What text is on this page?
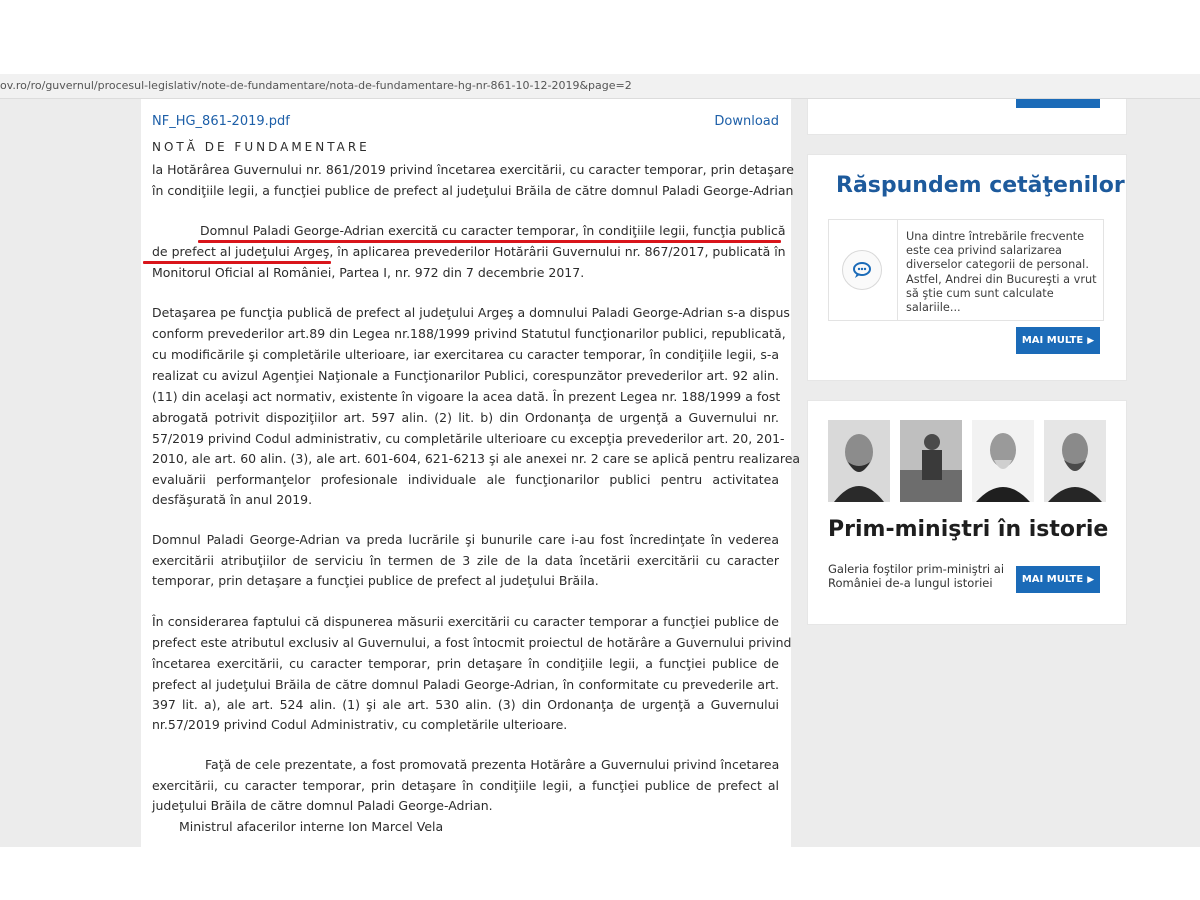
ov.ro/ro/guvernul/procesul-legislativ/note-de-fundamentare/nota-de-fundamentare-hg-nr-861-10-12-2019&page=2
NF_HG_861-2019.pdf	Download
NOTĂ DE FUNDAMENTARE
la Hotărârea Guvernului nr. 861/2019 privind încetarea exercitării, cu caracter temporar, prin detaşare
în condiţiile legii, a funcţiei publice de prefect al judeţului Brăila de către domnul Paladi George-Adrian
Domnul Paladi George-Adrian exercită cu caracter temporar, în condiţiile legii, funcţia publică
de prefect al judeţului Argeş, în aplicarea prevederilor Hotărârii Guvernului nr. 867/2017, publicată în
Monitorul Oficial al României, Partea I, nr. 972 din 7 decembrie 2017.
Detaşarea pe funcţia publică de prefect al judeţului Argeş a domnului Paladi George-Adrian s-a dispus
conform prevederilor art.89 din Legea nr.188/1999 privind Statutul funcţionarilor publici, republicată,
cu modificările şi completările ulterioare, iar exercitarea cu caracter temporar, în condiţiile legii, s-a
realizat cu avizul Agenţiei Naţionale a Funcţionarilor Publici, corespunzător prevederilor art. 92 alin.
(11) din acelaşi act normativ, existente în vigoare la acea dată. În prezent Legea nr. 188/1999 a fost
abrogată potrivit dispoziţiilor art. 597 alin. (2) lit. b) din Ordonanţa de urgenţă a Guvernului nr.
57/2019 privind Codul administrativ, cu completările ulterioare cu excepţia prevederilor art. 20, 201-
2010, ale art. 60 alin. (3), ale art. 601-604, 621-6213 şi ale anexei nr. 2 care se aplică pentru realizarea
evaluării performanţelor profesionale individuale ale funcţionarilor publici pentru activitatea
desfăşurată în anul 2019.
Domnul Paladi George-Adrian va preda lucrările şi bunurile care i-au fost încredinţate în vederea
exercitării atribuţiilor de serviciu în termen de 3 zile de la data încetării exercitării cu caracter
temporar, prin detaşare a funcţiei publice de prefect al judeţului Brăila.
În considerarea faptului că dispunerea măsurii exercitării cu caracter temporar a funcţiei publice de
prefect este atributul exclusiv al Guvernului, a fost întocmit proiectul de hotărâre a Guvernului privind
încetarea exercitării, cu caracter temporar, prin detaşare în condiţiile legii, a funcţiei publice de
prefect al judeţului Brăila de către domnul Paladi George-Adrian, în conformitate cu prevederile art.
397 lit. a), ale art. 524 alin. (1) şi ale art. 530 alin. (3) din Ordonanţa de urgenţă a Guvernului
nr.57/2019 privind Codul Administrativ, cu completările ulterioare.
Faţă de cele prezentate, a fost promovată prezenta Hotărâre a Guvernului privind încetarea
exercitării, cu caracter temporar, prin detaşare în condiţiile legii, a funcţiei publice de prefect al
judeţului Brăila de către domnul Paladi George-Adrian.
Ministrul afacerilor interne Ion Marcel Vela
Răspundem cetăţenilor
Una dintre întrebările frecvente este cea privind salarizarea diverselor categorii de personal. Astfel, Andrei din Bucureşti a vrut să ştie cum sunt calculate salariile...
MAI MULTE ▶
Prim-miniştri în istorie
Galeria foştilor prim-miniştri ai României de-a lungul istoriei	MAI MULTE ▶
